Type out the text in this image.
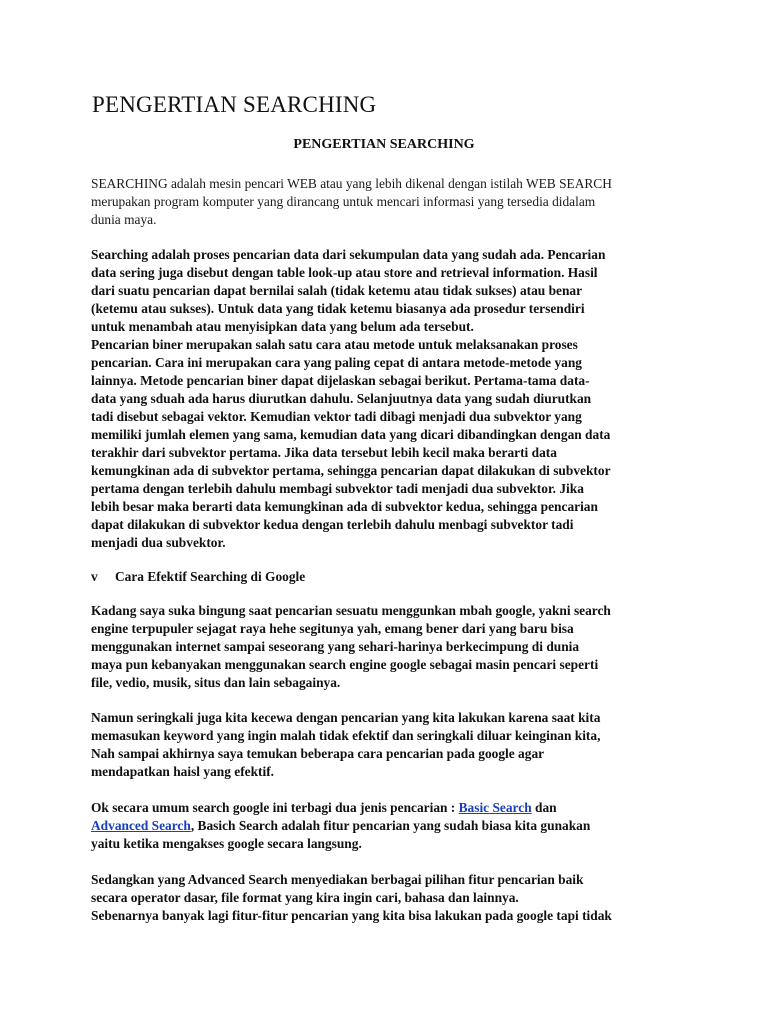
PENGERTIAN SEARCHING
PENGERTIAN SEARCHING
SEARCHING adalah mesin pencari WEB atau yang lebih dikenal dengan istilah WEB SEARCH
merupakan program komputer yang dirancang untuk mencari informasi yang tersedia didalam
dunia maya.
Searching adalah proses pencarian data dari sekumpulan data yang sudah ada. Pencarian
data sering juga disebut dengan table look-up atau store and retrieval information. Hasil
dari suatu pencarian dapat bernilai salah (tidak ketemu atau tidak sukses) atau benar
(ketemu atau sukses). Untuk data yang tidak ketemu biasanya ada prosedur tersendiri
untuk menambah atau menyisipkan data yang belum ada tersebut.
Pencarian biner merupakan salah satu cara atau metode untuk melaksanakan proses
pencarian. Cara ini merupakan cara yang paling cepat di antara metode-metode yang
lainnya. Metode pencarian biner dapat dijelaskan sebagai berikut. Pertama-tama data-
data yang sduah ada harus diurutkan dahulu. Selanjuutnya data yang sudah diurutkan
tadi disebut sebagai vektor. Kemudian vektor tadi dibagi menjadi dua subvektor yang
memiliki jumlah elemen yang sama, kemudian data yang dicari dibandingkan dengan data
terakhir dari subvektor pertama. Jika data tersebut lebih kecil maka berarti data
kemungkinan ada di subvektor pertama, sehingga pencarian dapat dilakukan di subvektor
pertama dengan terlebih dahulu membagi subvektor tadi menjadi dua subvektor. Jika
lebih besar maka berarti data kemungkinan ada di subvektor kedua, sehingga pencarian
dapat dilakukan di subvektor kedua dengan terlebih dahulu menbagi subvektor tadi
menjadi dua subvektor.
v Cara Efektif Searching di Google
Kadang saya suka bingung saat pencarian sesuatu menggunkan mbah google, yakni search
engine terpupuler sejagat raya hehe segitunya yah, emang bener dari yang baru bisa
menggunakan internet sampai seseorang yang sehari-harinya berkecimpung di dunia
maya pun kebanyakan menggunakan search engine google sebagai masin pencari seperti
file, vedio, musik, situs dan lain sebagainya.
Namun seringkali juga kita kecewa dengan pencarian yang kita lakukan karena saat kita
memasukan keyword yang ingin malah tidak efektif dan seringkali diluar keinginan kita,
Nah sampai akhirnya saya temukan beberapa cara pencarian pada google agar
mendapatkan haisl yang efektif.
Ok secara umum search google ini terbagi dua jenis pencarian : Basic Search dan
Advanced Search, Basich Search adalah fitur pencarian yang sudah biasa kita gunakan
yaitu ketika mengakses google secara langsung.
Sedangkan yang Advanced Search menyediakan berbagai pilihan fitur pencarian baik
secara operator dasar, file format yang kira ingin cari, bahasa dan lainnya.
Sebenarnya banyak lagi fitur-fitur pencarian yang kita bisa lakukan pada google tapi tidak
